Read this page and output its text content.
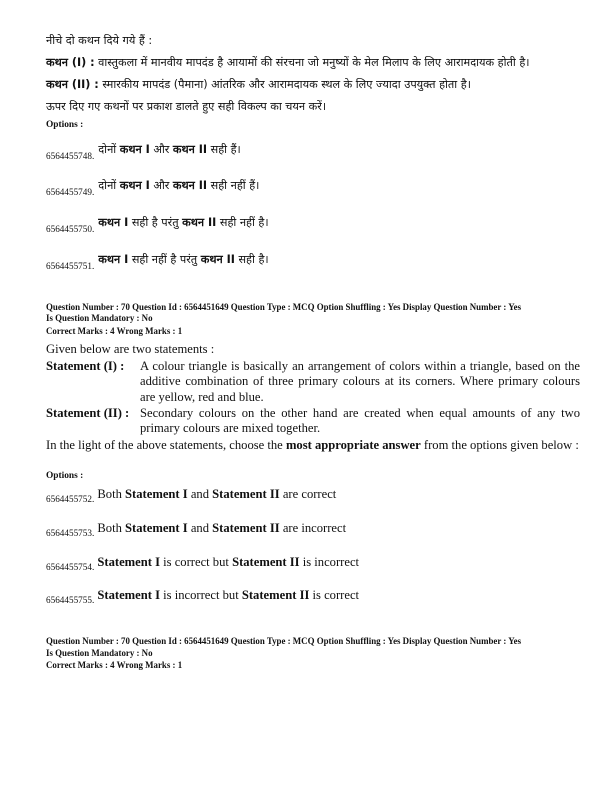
नीचे दो कथन दिये गये हैं :
कथन (I) : वास्तुकला में मानवीय मापदंड है आयामों की संरचना जो मनुष्यों के मेल मिलाप के लिए आरामदायक होती है।
कथन (II) : स्मारकीय मापदंड (पैमाना) आंतरिक और आरामदायक स्थल के लिए ज्यादा उपयुक्त होता है।
ऊपर दिए गए कथनों पर प्रकाश डालते हुए सही विकल्प का चयन करें।
Options :
$_{6564455748.}$ दोनों कथन I और कथन II सही हैं।
$_{6564455749.}$ दोनों कथन I और कथन II सही नहीं हैं।
$_{6564455750.}$ कथन I सही है परंतु कथन II सही नहीं है।
$_{6564455751.}$ कथन I सही नहीं है परंतु कथन II सही है।
Question Number : 70 Question Id : 6564451649 Question Type : MCQ Option Shuffling : Yes Display Question Number : Yes
Is Question Mandatory : No
Correct Marks : 4 Wrong Marks : 1
Given below are two statements :
Statement (I) : A colour triangle is basically an arrangement of colors within a triangle, based on the additive combination of three primary colours at its corners. Where primary colours are yellow, red and blue.
Statement (II) : Secondary colours on the other hand are created when equal amounts of any two primary colours are mixed together.
In the light of the above statements, choose the most appropriate answer from the options given below :
Options :
$_{6564455752.}$ Both Statement I and Statement II are correct
$_{6564455753.}$ Both Statement I and Statement II are incorrect
$_{6564455754.}$ Statement I is correct but Statement II is incorrect
$_{6564455755.}$ Statement I is incorrect but Statement II is correct
Question Number : 70 Question Id : 6564451649 Question Type : MCQ Option Shuffling : Yes Display Question Number : Yes
Is Question Mandatory : No
Correct Marks : 4 Wrong Marks : 1
